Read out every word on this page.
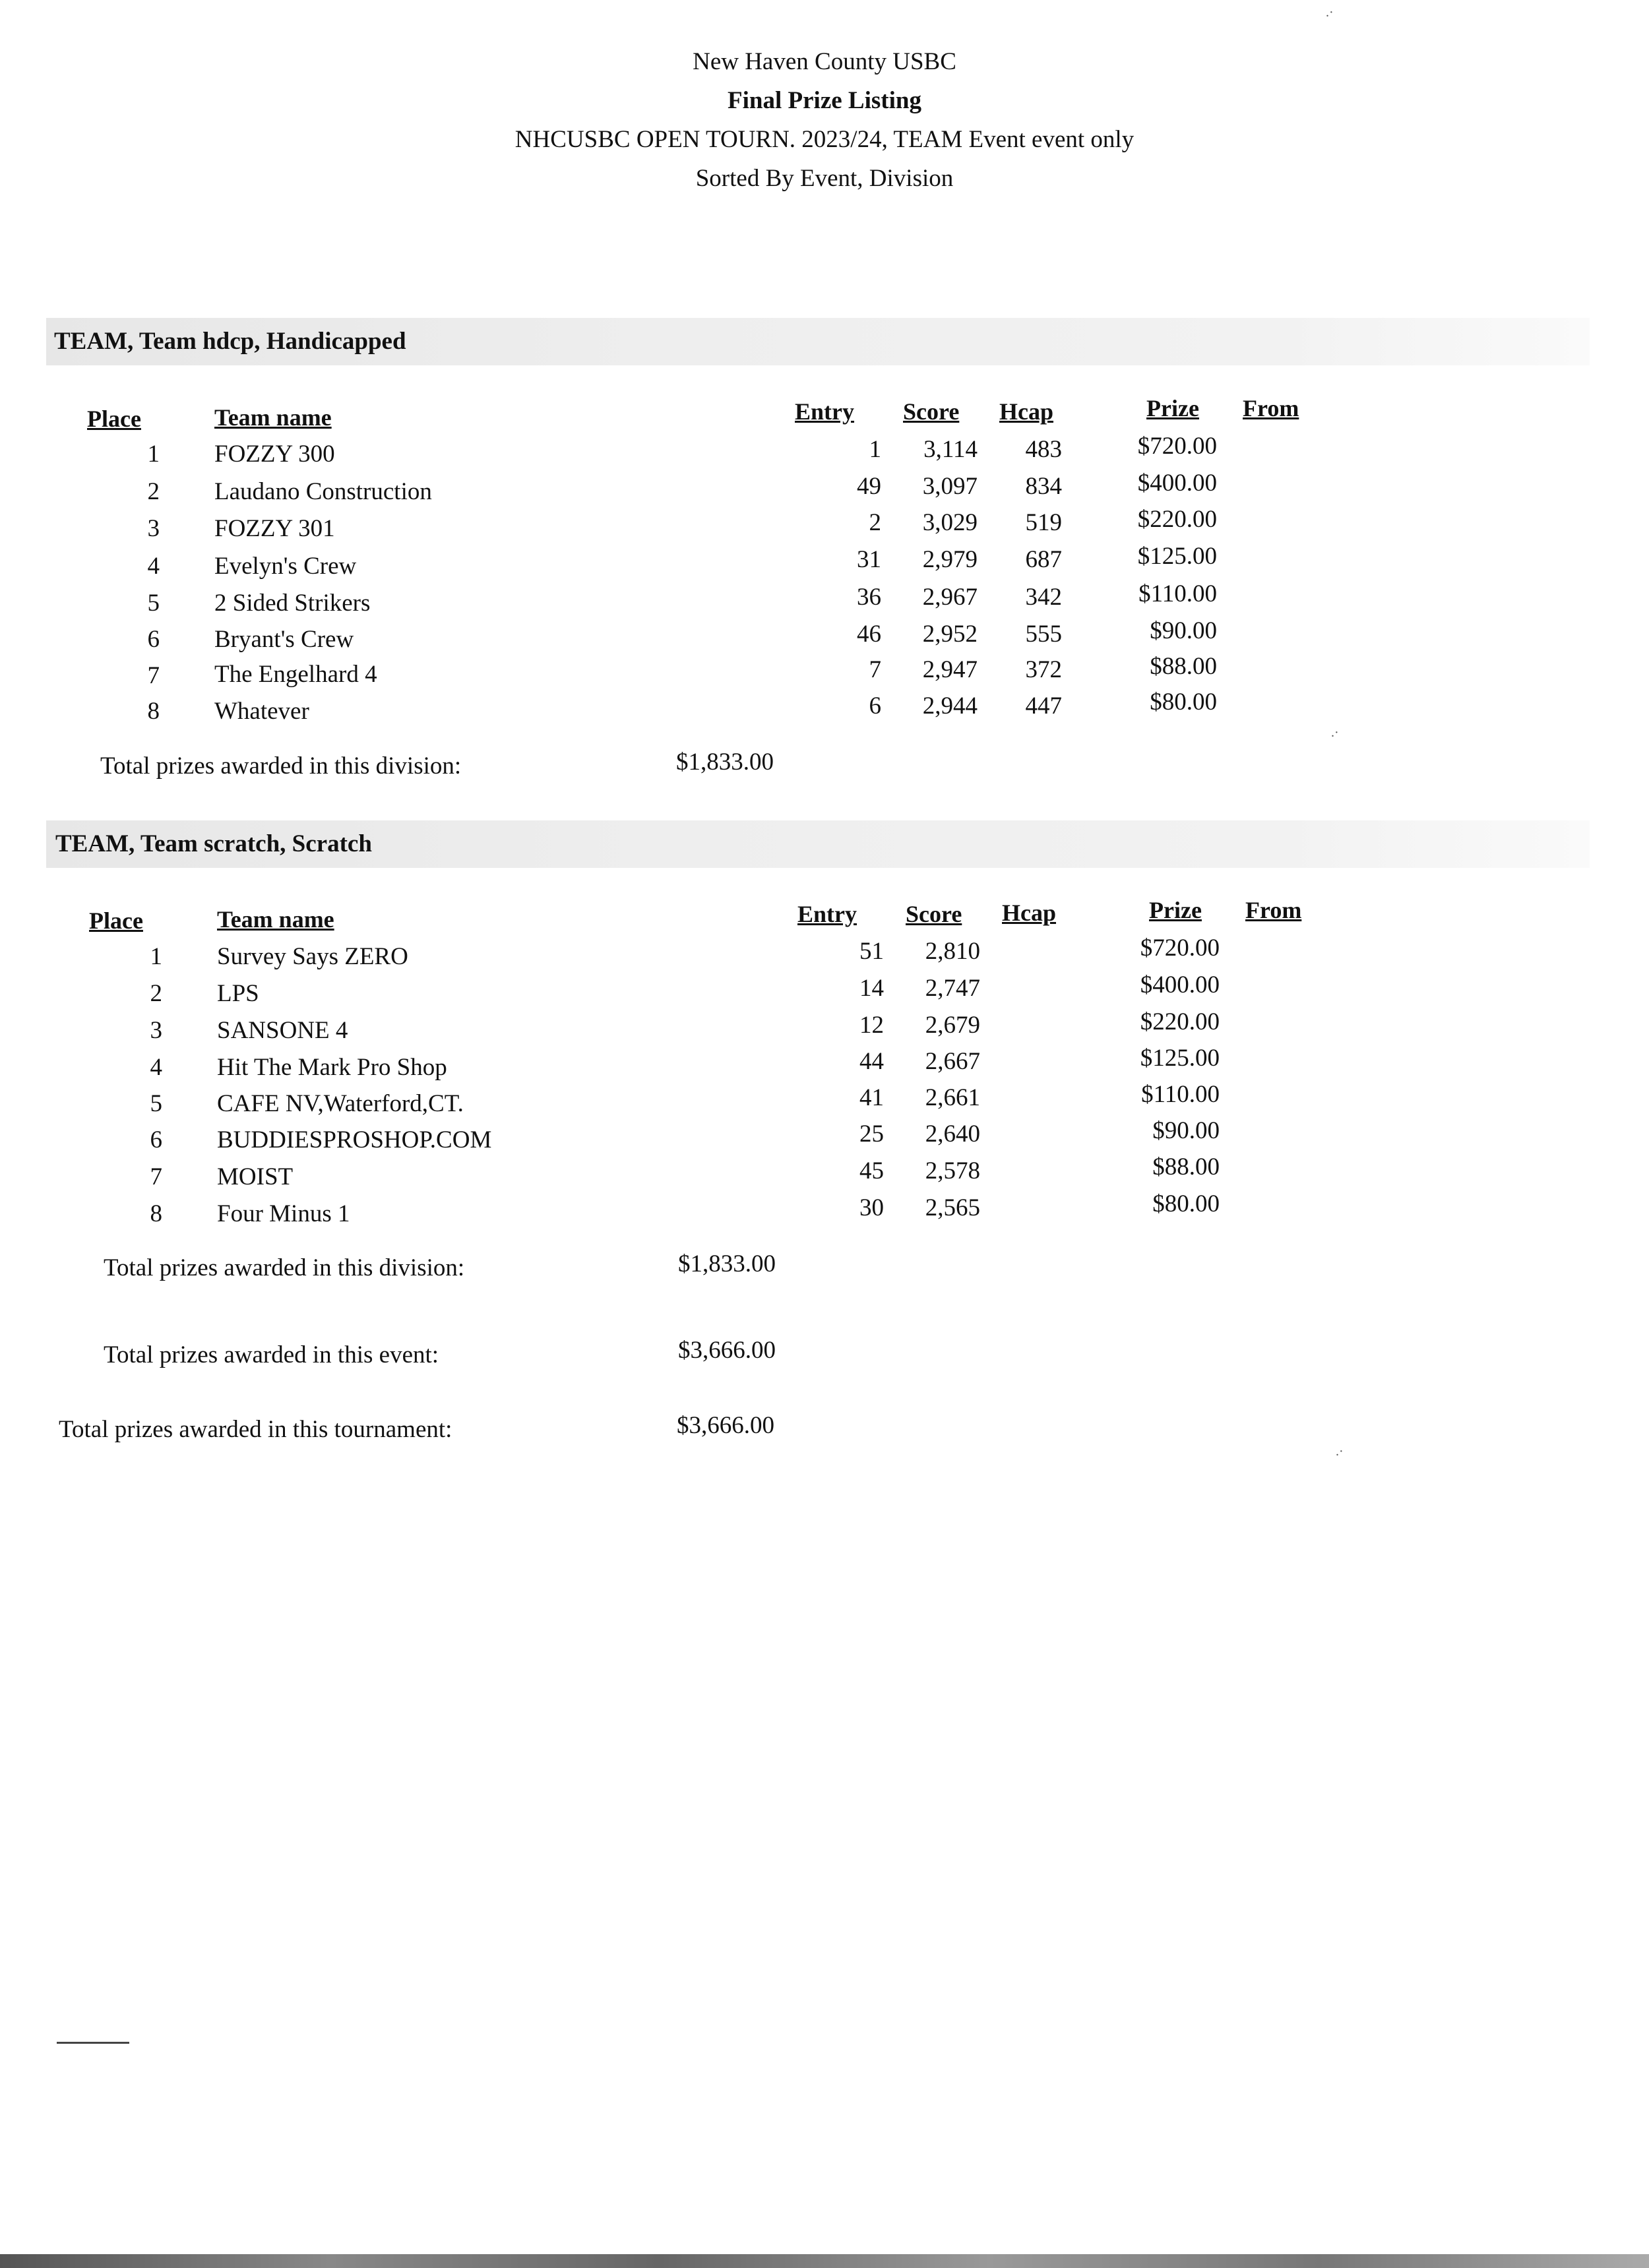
New Haven County USBC
Final Prize Listing
NHCUSBC OPEN TOURN. 2023/24, TEAM Event event only
Sorted By Event, Division
TEAM, Team hdcp, Handicapped
Place	Team name	Entry Score Hcap	Prize From
1 FOZZY 300	1	3,114	483	$720.00
2 Laudano Construction	49	3,097	834	$400.00
3 FOZZY 301	2	3,029	519	$220.00
4 Evelyn's Crew	31	2,979	687	$125.00
5 2 Sided Strikers	36	2,967	342	$110.00
6 Bryant's Crew	46	2,952	555	$90.00
7 The Engelhard 4	7	2,947	372	$88.00
8 Whatever	6	2,944	447	$80.00
Total prizes awarded in this division:	$1,833.00
TEAM, Team scratch, Scratch
Place	Team name	Entry Score Hcap	Prize From
1 Survey Says ZERO	51	2,810	$720.00
2 LPS	14	2,747	$400.00
3 SANSONE 4	12	2,679	$220.00
4 Hit The Mark Pro Shop	44	2,667	$125.00
5 CAFE NV,Waterford,CT.	41	2,661	$110.00
6 BUDDIESPROSHOP.COM	25	2,640	$90.00
7 MOIST	45	2,578	$88.00
8 Four Minus 1	30	2,565	$80.00
Total prizes awarded in this division:	$1,833.00
Total prizes awarded in this event:	$3,666.00
Total prizes awarded in this tournament:	$3,666.00
.·
.·
.·
